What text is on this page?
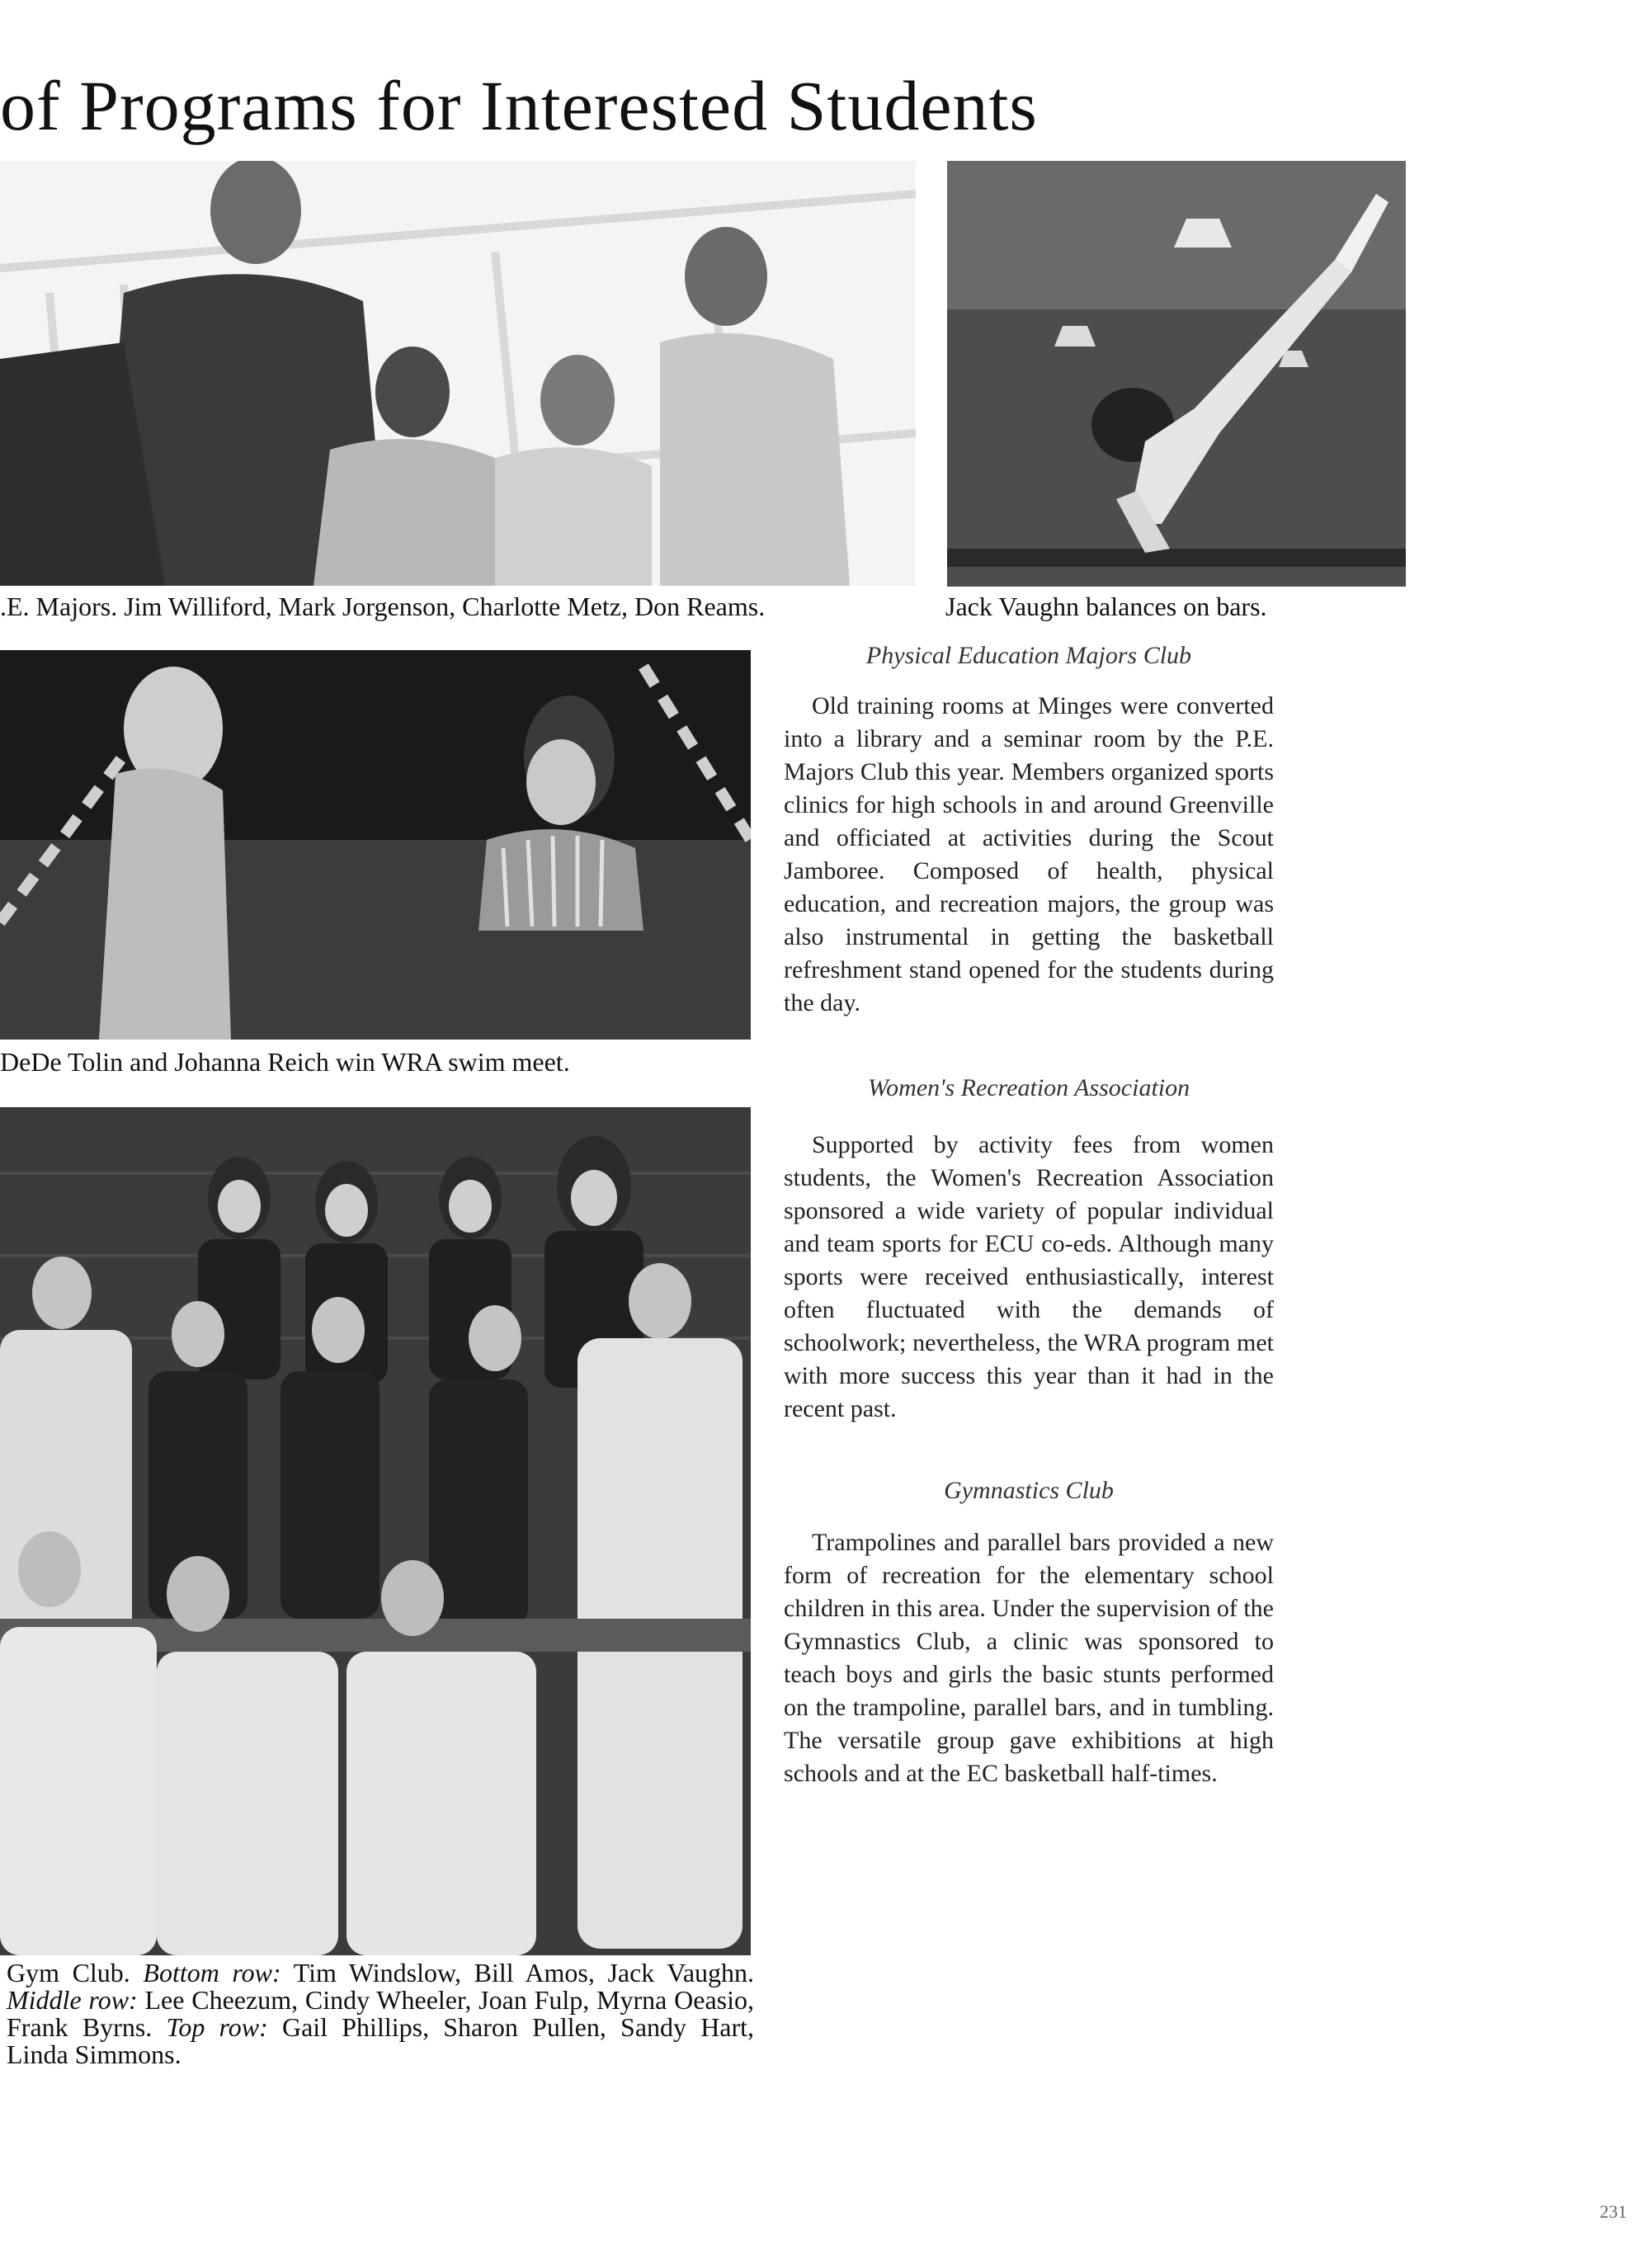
of Programs for Interested Students

.E. Majors. Jim Williford, Mark Jorgenson, Charlotte Metz, Don Reams.	Jack Vaughn balances on bars.

DeDe Tolin and Johanna Reich win WRA swim meet.

Gym Club. Bottom row: Tim Windslow, Bill Amos, Jack Vaughn. Middle row: Lee Cheezum, Cindy Wheeler, Joan Fulp, Myrna Oeasio, Frank Byrns. Top row: Gail Phillips, Sharon Pullen, Sandy Hart, Linda Simmons.

Physical Education Majors Club

Old training rooms at Minges were converted into a library and a seminar room by the P.E. Majors Club this year. Members organized sports clinics for high schools in and around Greenville and officiated at activities during the Scout Jamboree. Composed of health, physical education, and recreation majors, the group was also instrumental in getting the basketball refreshment stand opened for the students during the day.

Women's Recreation Association

Supported by activity fees from women students, the Women's Recreation Association sponsored a wide variety of popular individual and team sports for ECU co-eds. Although many sports were received enthusiastically, interest often fluctuated with the demands of schoolwork; nevertheless, the WRA program met with more success this year than it had in the recent past.

Gymnastics Club

Trampolines and parallel bars provided a new form of recreation for the elementary school children in this area. Under the supervision of the Gymnastics Club, a clinic was sponsored to teach boys and girls the basic stunts performed on the trampoline, parallel bars, and in tumbling. The versatile group gave exhibitions at high schools and at the EC basketball half-times.

231
